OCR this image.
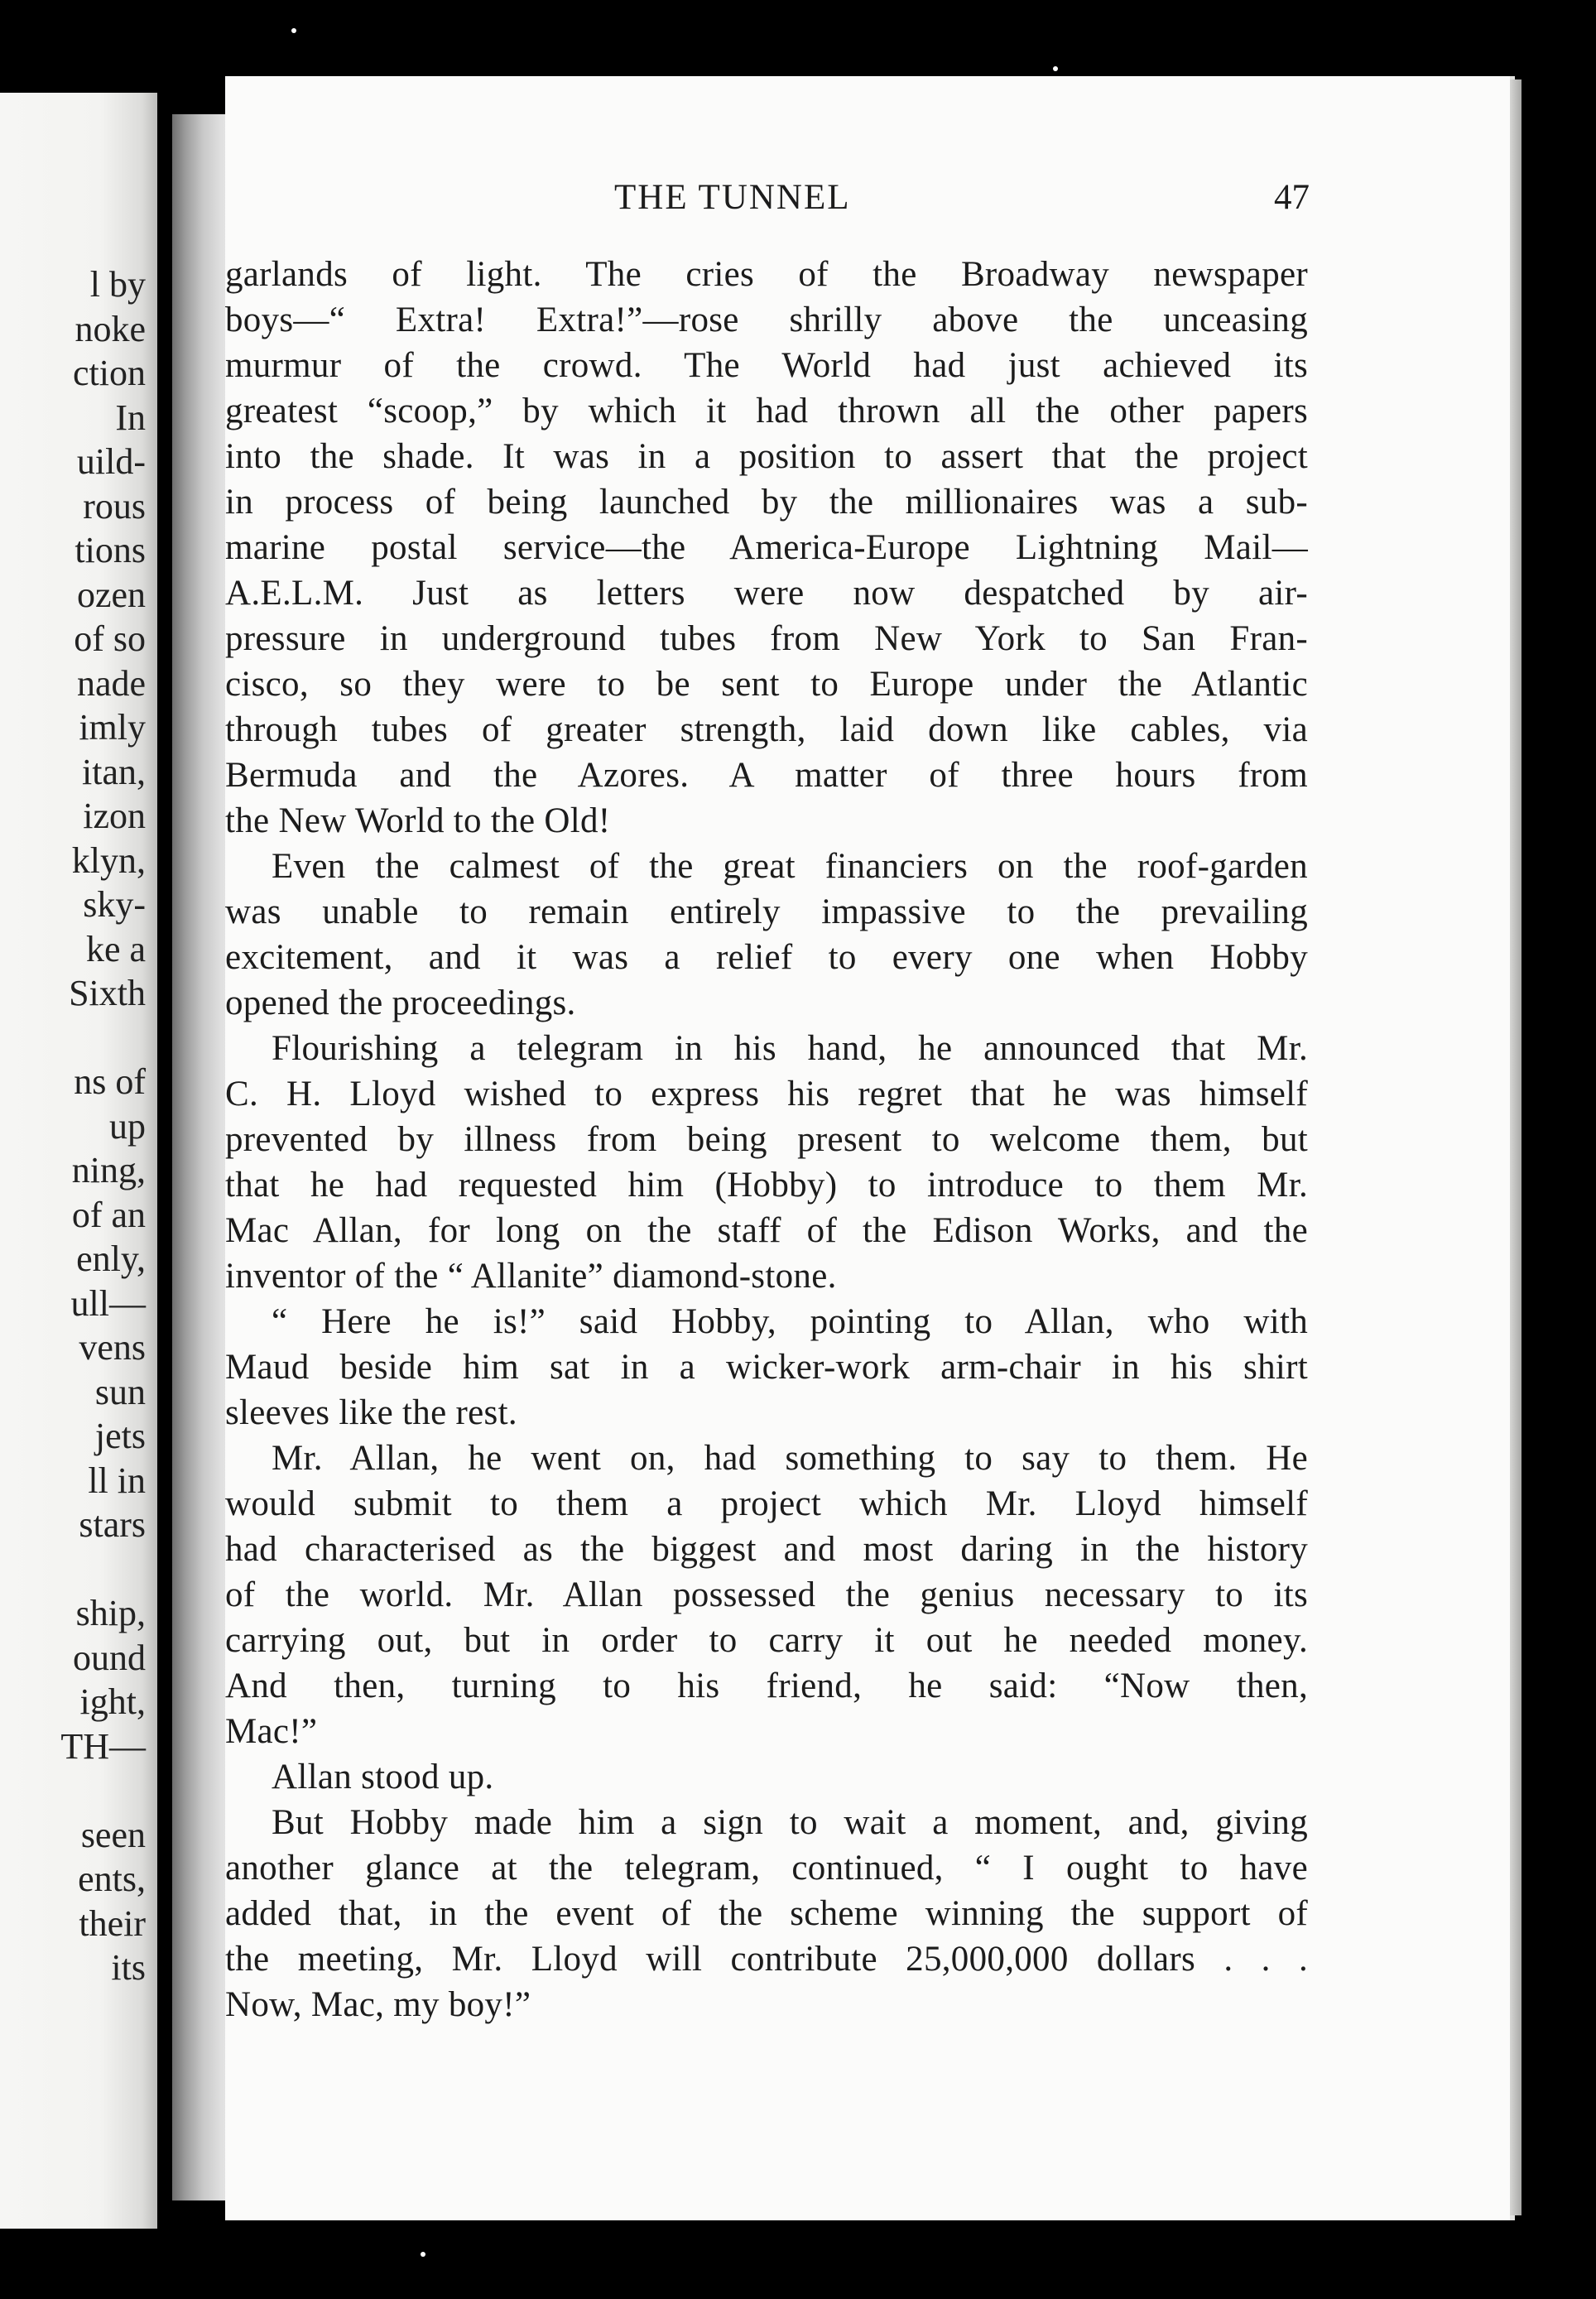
l by
noke
ction
In
uild-
rous
tions
ozen
of so
nade
imly
itan,
izon
klyn,
sky-
ke a
Sixth
ns of
up
ning,
of an
enly,
ull—
vens
sun
jets
ll in
stars
ship,
ound
ight,
TH—
seen
ents,
their
its
THE TUNNEL	47
garlands of light. The cries of the Broadway newspaper
boys—“ Extra! Extra!”—rose shrilly above the unceasing
murmur of the crowd. The World had just achieved its
greatest “scoop,” by which it had thrown all the other papers
into the shade. It was in a position to assert that the project
in process of being launched by the millionaires was a sub-
marine postal service—the America-Europe Lightning Mail—
A.E.L.M. Just as letters were now despatched by air-
pressure in underground tubes from New York to San Fran-
cisco, so they were to be sent to Europe under the Atlantic
through tubes of greater strength, laid down like cables, via
Bermuda and the Azores. A matter of three hours from
the New World to the Old!
Even the calmest of the great financiers on the roof-garden
was unable to remain entirely impassive to the prevailing
excitement, and it was a relief to every one when Hobby
opened the proceedings.
Flourishing a telegram in his hand, he announced that Mr.
C. H. Lloyd wished to express his regret that he was himself
prevented by illness from being present to welcome them, but
that he had requested him (Hobby) to introduce to them Mr.
Mac Allan, for long on the staff of the Edison Works, and the
inventor of the “ Allanite” diamond-stone.
“ Here he is!” said Hobby, pointing to Allan, who with
Maud beside him sat in a wicker-work arm-chair in his shirt
sleeves like the rest.
Mr. Allan, he went on, had something to say to them. He
would submit to them a project which Mr. Lloyd himself
had characterised as the biggest and most daring in the history
of the world. Mr. Allan possessed the genius necessary to its
carrying out, but in order to carry it out he needed money.
And then, turning to his friend, he said: “Now then,
Mac!”
Allan stood up.
But Hobby made him a sign to wait a moment, and, giving
another glance at the telegram, continued, “ I ought to have
added that, in the event of the scheme winning the support of
the meeting, Mr. Lloyd will contribute 25,000,000 dollars . . .
Now, Mac, my boy!”
